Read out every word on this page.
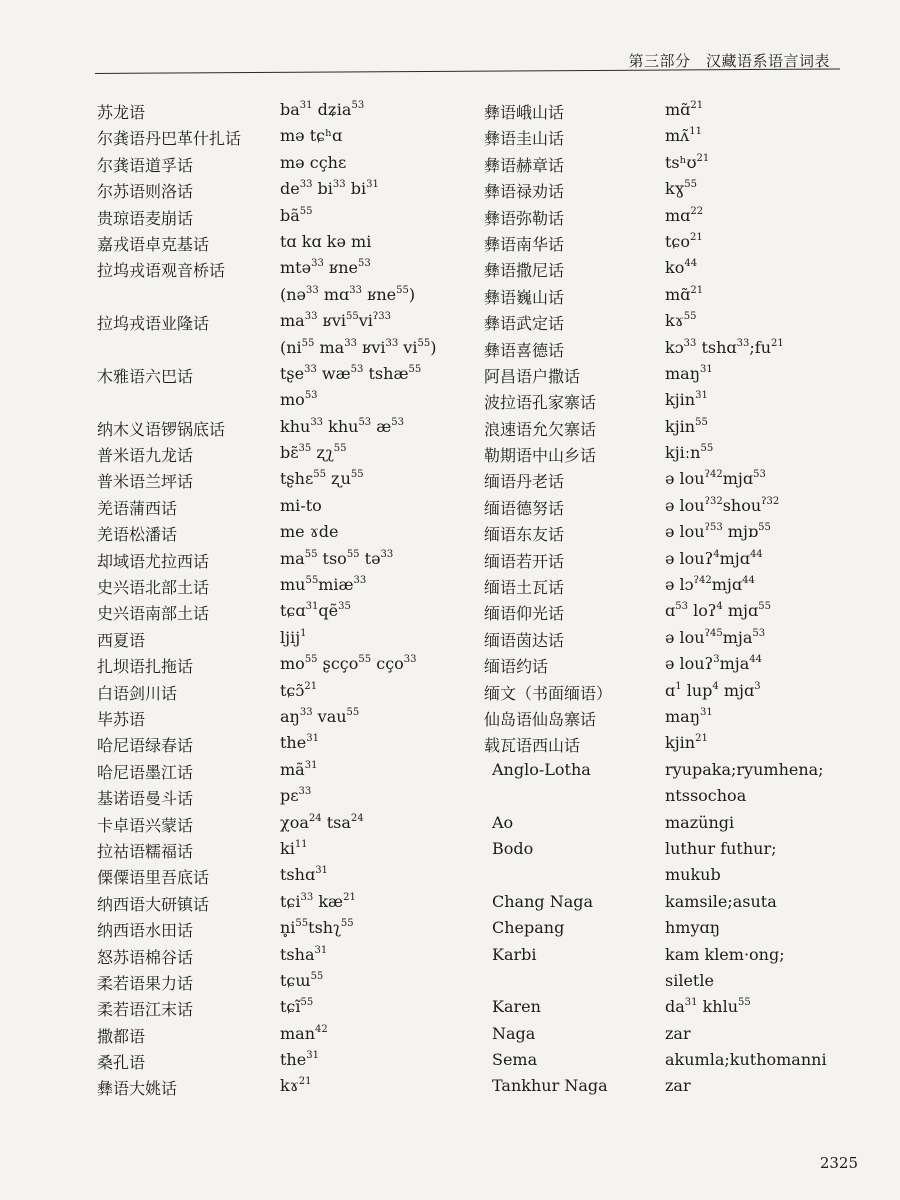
第三部分　汉藏语系语言词表
苏龙语	$ba^{31}$ dʑia$^{53}$
尔龚语丹巴革什扎话 mə tɕʰɑ
尔龚语道孚话	mə cçhɛ
尔苏语则洛话	$de^{33}$ $bi^{33}$ $bi^{31}$
贵琼语麦崩话	$bã^{55}$
嘉戎语卓克基话	tɑ kɑ kə mi
拉坞戎语观音桥话	mtə$^{33}$ ʁne$^{53}$
(nə$^{33}$ mɑ$^{33}$ ʁne$^{55}$)
拉坞戎语业隆话	$ma^{33}$ $ʁvi^{55}vi^{ʔ33}$
($ni^{55}$ $ma^{33}$ ʁvi$^{33}$ $vi^{55}$)
木雅语六巴话	tʂe$^{33}$ $wæ^{53}$ tshæ$^{55}$
$mo^{53}$
纳木义语锣锅底话	khu$^{33}$ khu$^{53}$ $æ^{53}$
普米语九龙话	bɛ̃$^{35}$ ʐʅ$^{55}$
普米语兰坪话	tʂhɛ$^{55}$ ʐu$^{55}$
羌语蒲西话	mi-to
羌语松潘话	me ɤde
却域语尤拉西话	$ma^{55}$ tso$^{55}$ tə$^{33}$
史兴语北部土话	$mu^{55}miæ^{33}$
史兴语南部土话	tɕɑ$^{31}$qẽ$^{35}$
西夏语	ljij$^1$
扎坝语扎拖话	$mo^{55}$ ʂcço$^{55}$ cço$^{33}$
白语剑川话	tɕɔ̃$^{21}$
毕苏语	$aŋ^{33}$ vau$^{55}$
哈尼语绿春话	the$^{31}$
哈尼语墨江话	$mã^{31}$
基诺语曼斗话	pɛ$^{33}$
卡卓语兴蒙话	χoa$^{24}$ tsa$^{24}$
拉祜语糯福话	$ki^{11}$
傈僳语里吾底话	tshɑ$^{31}$
纳西语大研镇话	tɕi$^{33}$ $kæ^{21}$
纳西语水田话	$n̥i^{55}tshʅ^{55}$
怒苏语棉谷话	tsha$^{31}$
柔若语果力话	tɕɯ$^{55}$
柔若语江末话	tɕĩ$^{55}$
撒都语	man$^{42}$
桑孔语	the$^{31}$
彝语大姚话	kɤ$^{21}$
彝语峨山话	mɑ̃$^{21}$
彝语圭山话	mʌ̃$^{11}$
彝语赫章话	tsʰʊ$^{21}$
彝语禄劝话	kɣ$^{55}$
彝语弥勒话	mɑ$^{22}$
彝语南华话	tɕo$^{21}$
彝语撒尼话	$ko^{44}$
彝语巍山话	mɑ̃$^{21}$
彝语武定话	kɤ$^{55}$
彝语喜德话	kɔ$^{33}$ $tshɑ^{33};fu^{21}$
阿昌语户撒话	maŋ$^{31}$
波拉语孔家寨话	kjin$^{31}$
浪速语允欠寨话	kjin$^{55}$
勒期语中山乡话	kjiːn$^{55}$
缅语丹老话	ə lou$^{ʔ42}$mjɑ$^{53}$
缅语德努话	ə lou$^{ʔ32}$shou$^{ʔ32}$
缅语东友话	ə lou$^{ʔ53}$ mjɒ$^{55}$
缅语若开话	ə louʔ$^4$mjɑ$^{44}$
缅语土瓦话	ə lɔ$^{ʔ42}$mjɑ$^{44}$
缅语仰光话	ɑ$^{53}$ loʔ$^4$ mjɑ$^{55}$
缅语茵达话	ə lou$^{ʔ45}$mja$^{53}$
缅语约话	ə louʔ$^3$mja$^{44}$
缅文（书面缅语）	ɑ$^1$ lup$^4$ mjɑ$^3$
仙岛语仙岛寨话	maŋ$^{31}$
载瓦语西山话	kjin$^{21}$
Anglo-Lotha	ryupaka;ryumhena;
ntssochoa
Ao	mazüngi
Bodo	luthur futhur;
mukub
Chang Naga	kamsile;asuta
Chepang	hmyɑŋ
Karbi	kam klem·ong;
siletle
Karen	$da^{31}$ khlu$^{55}$
Naga	zar
Sema	akumla;kuthomanni
Tankhur Naga	zar
2325
